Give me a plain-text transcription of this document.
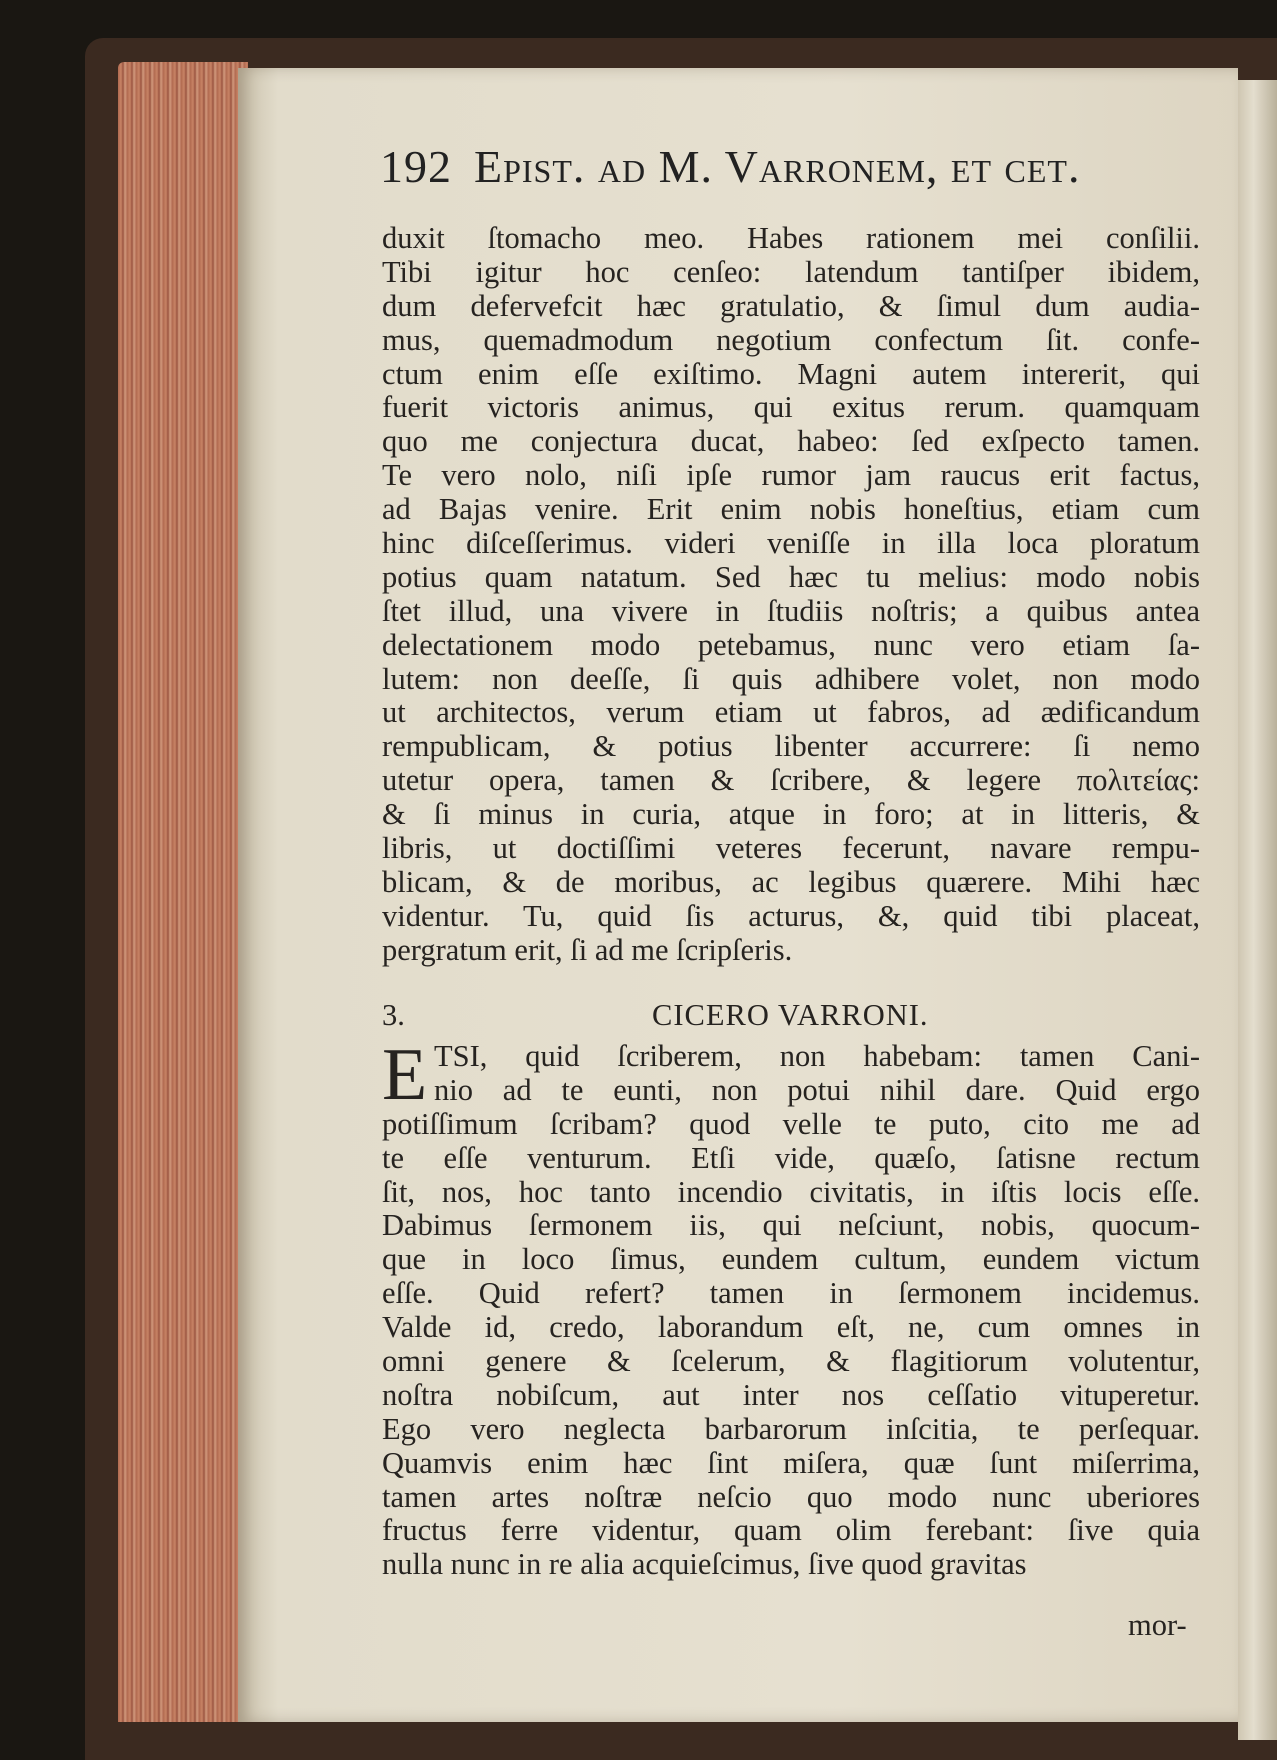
192 Epist. ad M. Varronem, et cet.
duxit ſtomacho meo. Habes rationem mei conſilii.
Tibi igitur hoc cenſeo: latendum tantiſper ibidem,
dum defervefcit hæc gratulatio, & ſimul dum audia-
mus, quemadmodum negotium confectum ſit. confe-
ctum enim eſſe exiſtimo. Magni autem intererit, qui
fuerit victoris animus, qui exitus rerum. quamquam
quo me conjectura ducat, habeo: ſed exſpecto tamen.
Te vero nolo, niſi ipſe rumor jam raucus erit factus,
ad Bajas venire. Erit enim nobis honeſtius, etiam cum
hinc diſceſſerimus. videri veniſſe in illa loca ploratum
potius quam natatum. Sed hæc tu melius: modo nobis
ſtet illud, una vivere in ſtudiis noſtris; a quibus antea
delectationem modo petebamus, nunc vero etiam ſa-
lutem: non deeſſe, ſi quis adhibere volet, non modo
ut architectos, verum etiam ut fabros, ad ædificandum
rempublicam, & potius libenter accurrere: ſi nemo
utetur opera, tamen & ſcribere, & legere πολιτείας:
& ſi minus in curia, atque in foro; at in litteris, &
libris, ut doctiſſimi veteres fecerunt, navare rempu-
blicam, & de moribus, ac legibus quærere. Mihi hæc
videntur. Tu, quid ſis acturus, &, quid tibi placeat,
pergratum erit, ſi ad me ſcripſeris.
3.	CICERO VARRONI.
E TSI, quid ſcriberem, non habebam: tamen Cani-
nio ad te eunti, non potui nihil dare. Quid ergo
potiſſimum ſcribam? quod velle te puto, cito me ad
te eſſe venturum. Etſi vide, quæſo, ſatisne rectum
ſit, nos, hoc tanto incendio civitatis, in iſtis locis eſſe.
Dabimus ſermonem iis, qui neſciunt, nobis, quocum-
que in loco ſimus, eundem cultum, eundem victum
eſſe. Quid refert? tamen in ſermonem incidemus.
Valde id, credo, laborandum eſt, ne, cum omnes in
omni genere & ſcelerum, & flagitiorum volutentur,
noſtra nobiſcum, aut inter nos ceſſatio vituperetur.
Ego vero neglecta barbarorum inſcitia, te perſequar.
Quamvis enim hæc ſint miſera, quæ ſunt miſerrima,
tamen artes noſtræ neſcio quo modo nunc uberiores
fructus ferre videntur, quam olim ferebant: ſive quia
nulla nunc in re alia acquieſcimus, ſive quod gravitas
mor-
